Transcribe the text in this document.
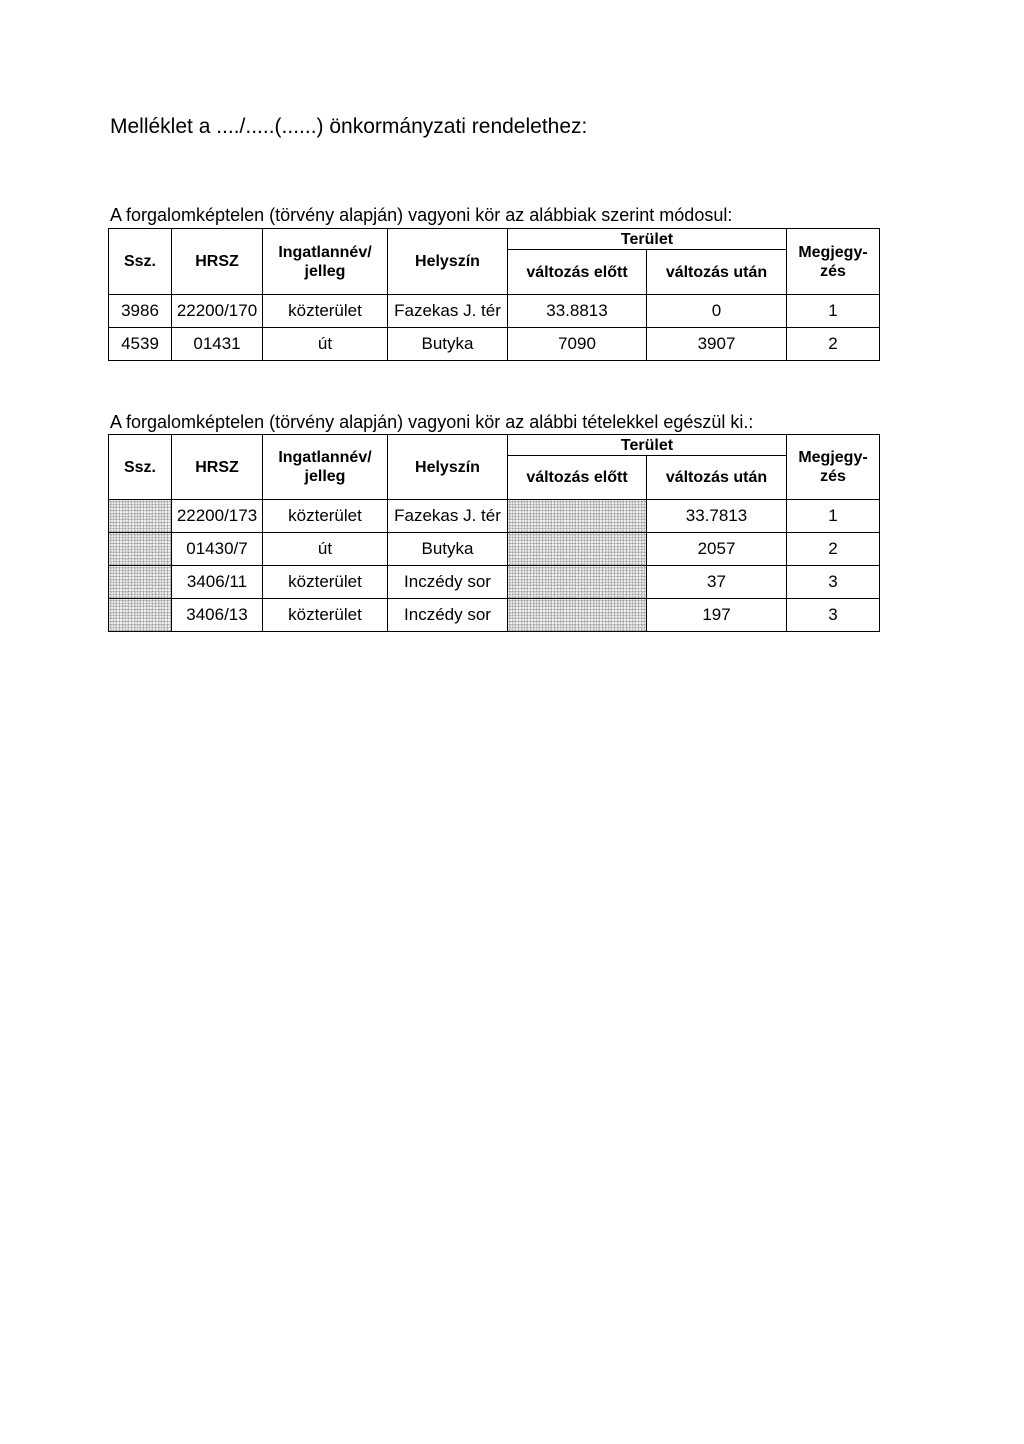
Melléklet a ..../.....(......) önkormányzati rendelethez:
A forgalomképtelen (törvény alapján) vagyoni kör az alábbiak szerint módosul:
Ssz.	HRSZ	Ingatlannév/ jelleg	Helyszín	Terület		Megjegy-zés
				változás előtt	változás után	
3986	22200/170	közterület	Fazekas J. tér	33.8813	0	1
4539	01431	út	Butyka	7090	3907	2
A forgalomképtelen (törvény alapján) vagyoni kör az alábbi tételekkel egészül ki.:
Ssz.	HRSZ	Ingatlannév/ jelleg	Helyszín	Terület		Megjegy-zés
				változás előtt	változás után	
	22200/173	közterület	Fazekas J. tér		33.7813	1
	01430/7	út	Butyka		2057	2
	3406/11	közterület	Inczédy sor		37	3
	3406/13	közterület	Inczédy sor		197	3
